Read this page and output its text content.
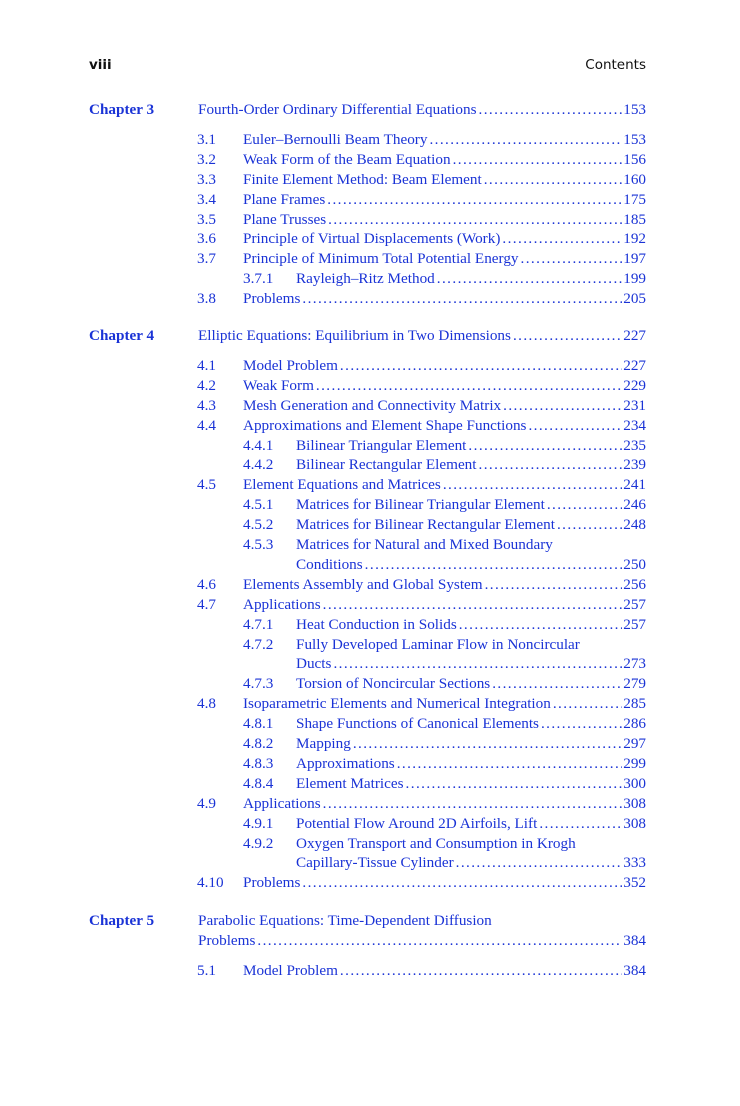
viii	Contents
Chapter 3	Fourth-Order Ordinary Differential Equations .....	153
3.1 Euler–Bernoulli Beam Theory .....	153
3.2 Weak Form of the Beam Equation .....	156
3.3 Finite Element Method: Beam Element .....	160
3.4 Plane Frames .....	175
3.5 Plane Trusses .....	185
3.6 Principle of Virtual Displacements (Work) .....	192
3.7 Principle of Minimum Total Potential Energy .....	197
3.7.1 Rayleigh–Ritz Method .....	199
3.8 Problems .....	205
Chapter 4	Elliptic Equations: Equilibrium in Two Dimensions .....	227
4.1 Model Problem .....	227
4.2 Weak Form .....	229
4.3 Mesh Generation and Connectivity Matrix .....	231
4.4 Approximations and Element Shape Functions .....	234
4.4.1 Bilinear Triangular Element .....	235
4.4.2 Bilinear Rectangular Element .....	239
4.5 Element Equations and Matrices .....	241
4.5.1 Matrices for Bilinear Triangular Element .....	246
4.5.2 Matrices for Bilinear Rectangular Element .....	248
4.5.3 Matrices for Natural and Mixed Boundary
Conditions .....	250
4.6 Elements Assembly and Global System .....	256
4.7 Applications .....	257
4.7.1 Heat Conduction in Solids .....	257
4.7.2 Fully Developed Laminar Flow in Noncircular
Ducts .....	273
4.7.3 Torsion of Noncircular Sections .....	279
4.8 Isoparametric Elements and Numerical Integration .....	285
4.8.1 Shape Functions of Canonical Elements .....	286
4.8.2 Mapping .....	297
4.8.3 Approximations .....	299
4.8.4 Element Matrices .....	300
4.9 Applications .....	308
4.9.1 Potential Flow Around 2D Airfoils, Lift .....	308
4.9.2 Oxygen Transport and Consumption in Krogh
Capillary-Tissue Cylinder .....	333
4.10 Problems .....	352
Chapter 5	Parabolic Equations: Time-Dependent Diffusion
Problems .....	384
5.1 Model Problem .....	384
